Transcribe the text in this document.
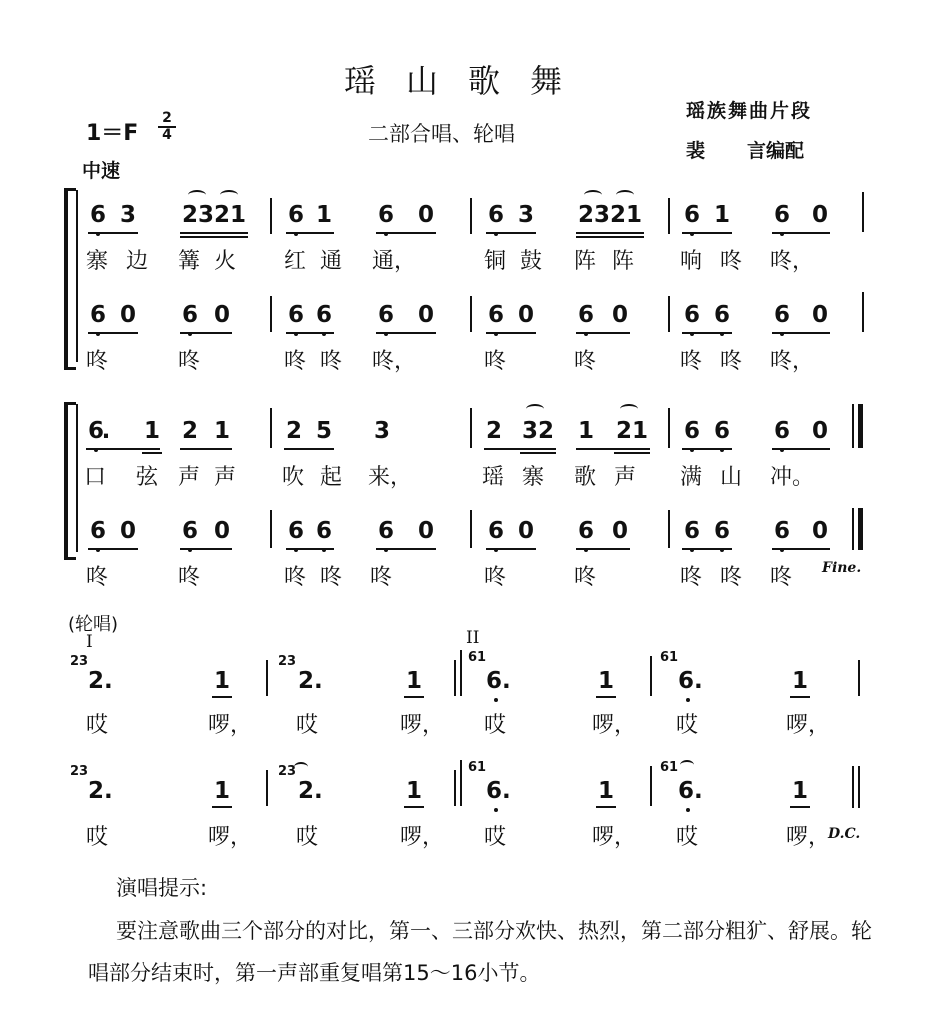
瑶山歌舞
二部合唱、轮唱
瑶族舞曲片段
裴 言编配
1＝F
2
4
中速
6 3 2 3 2 1 6 1 6 0 6 3 2 3 2 1 6 1 6 0
寨 边 篝 火 红 通 通，	铜 鼓 阵 阵 响 咚 咚，
6 0 6 0	6 6 6 0 6 0 6 0 6 6 6 0
咚	咚	咚 咚 咚，	咚	咚	咚 咚 咚，
6
. 1 2 1 2 5 3	2 3 2 1 2 1 6 6 6 0
口 弦 声 声 吹 起 来，	瑶 寨 歌 声 满 山 冲。
6 0 6 0	6 6 6 0 6 0 6 0 6 6 6 0
咚	咚	咚 咚 咚	咚	咚	咚 咚 咚 Fine.
(轮唱)
I	II
23
2.	1
23
2.	1
61
6.	1
61
6.	1
哎	啰， 哎	啰， 哎	啰， 哎	啰，
23
2.	1
23
2.	1
61
6.	1
61
6.	1
哎	啰， 哎	啰， 哎	啰， 哎	啰，
D.C.
演唱提示:
要注意歌曲三个部分的对比，第一、三部分欢快、热烈，第二部分粗犷、舒展。轮唱部分结束时，第一声部重复唱第15～16小节。
